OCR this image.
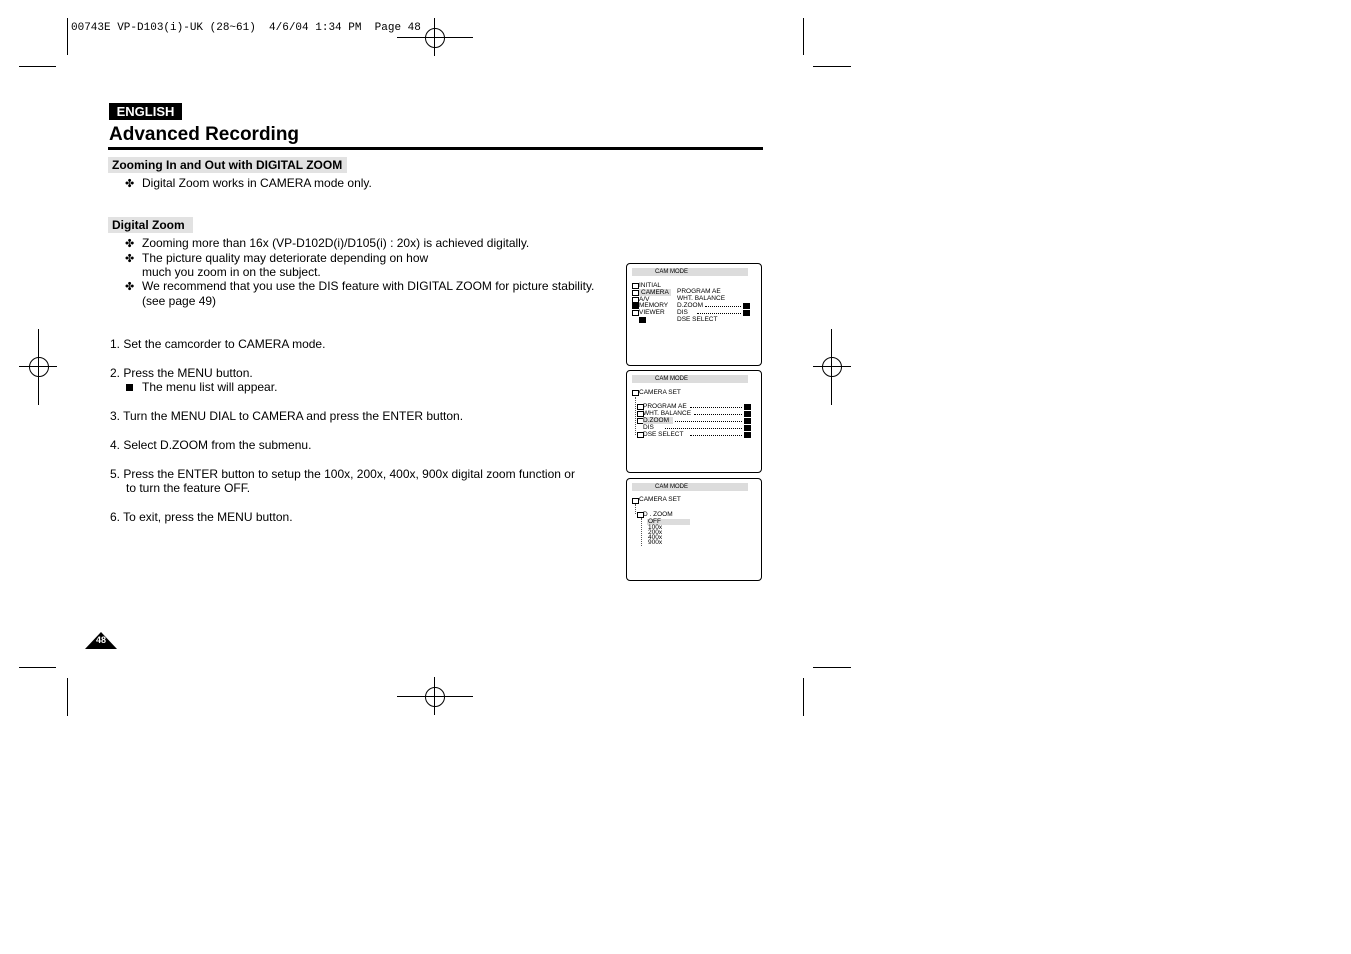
00743E VP-D103(i)-UK (28~61)  4/6/04 1:34 PM  Page 48
ENGLISH
Advanced Recording
Zooming In and Out with DIGITAL ZOOM
✤ Digital Zoom works in CAMERA mode only.
Digital Zoom
✤ Zooming more than 16x (VP-D102D(i)/D105(i) : 20x) is achieved digitally.
✤ The picture quality may deteriorate depending on how
much you zoom in on the subject.
✤ We recommend that you use the DIS feature with DIGITAL ZOOM for picture stability.
(see page 49)
1. Set the camcorder to CAMERA mode.
2. Press the MENU button.
The menu list will appear.
3. Turn the MENU DIAL to CAMERA and press the ENTER button.
4. Select D.ZOOM from the submenu.
5. Press the ENTER button to setup the 100x, 200x, 400x, 900x digital zoom function or
to turn the feature OFF.
6. To exit, press the MENU button.
CAM MODE
INITIAL
CAMERA
A/V
MEMORY
VIEWER
PROGRAM AE
WHT. BALANCE
D.ZOOM
DIS
DSE SELECT
CAM MODE
CAMERA SET
PROGRAM AE
WHT. BALANCE
D.ZOOM
DIS
DSE SELECT
CAM MODE
CAMERA SET
D . ZOOM
OFF
100x
200x
400x
900x
48
